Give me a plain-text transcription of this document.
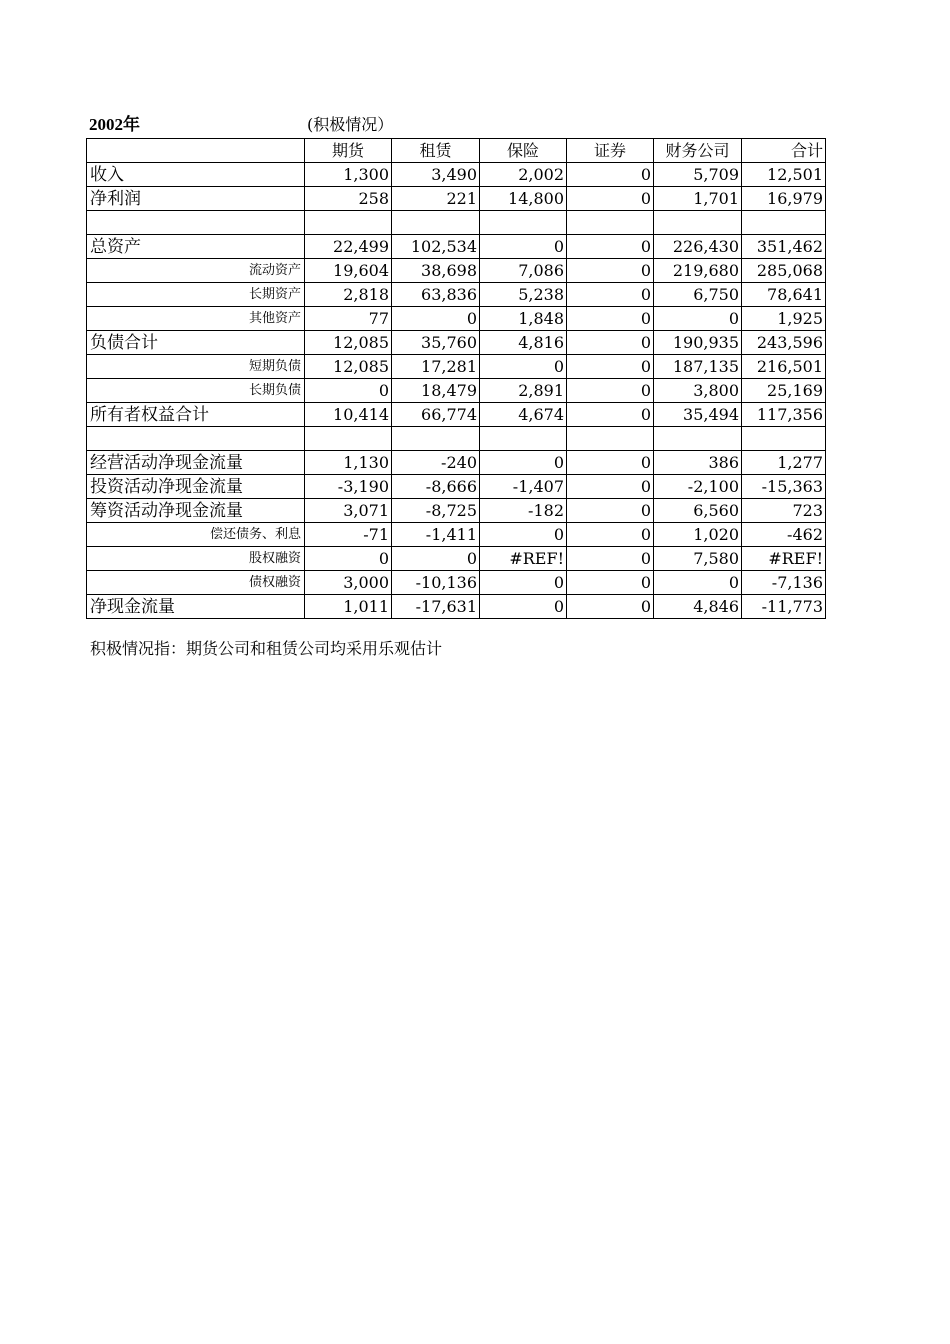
2002年	(积极情况）
	期货	租赁	保险	证券	财务公司	合计
收入	1,300	3,490	2,002	0	5,709	12,501
净利润	258	221	14,800	0	1,701	16,979

总资产	22,499	102,534	0	0	226,430	351,462
流动资产	19,604	38,698	7,086	0	219,680	285,068
长期资产	2,818	63,836	5,238	0	6,750	78,641
其他资产	77	0	1,848	0	0	1,925
负债合计	12,085	35,760	4,816	0	190,935	243,596
短期负债	12,085	17,281	0	0	187,135	216,501
长期负债	0	18,479	2,891	0	3,800	25,169
所有者权益合计	10,414	66,774	4,674	0	35,494	117,356

经营活动净现金流量	1,130	-240	0	0	386	1,277
投资活动净现金流量	-3,190	-8,666	-1,407	0	-2,100	-15,363
筹资活动净现金流量	3,071	-8,725	-182	0	6,560	723
偿还债务、利息	-71	-1,411	0	0	1,020	-462
股权融资	0	0	#REF!	0	7,580	#REF!
债权融资	3,000	-10,136	0	0	0	-7,136
净现金流量	1,011	-17,631	0	0	4,846	-11,773
积极情况指：期货公司和租赁公司均采用乐观估计
